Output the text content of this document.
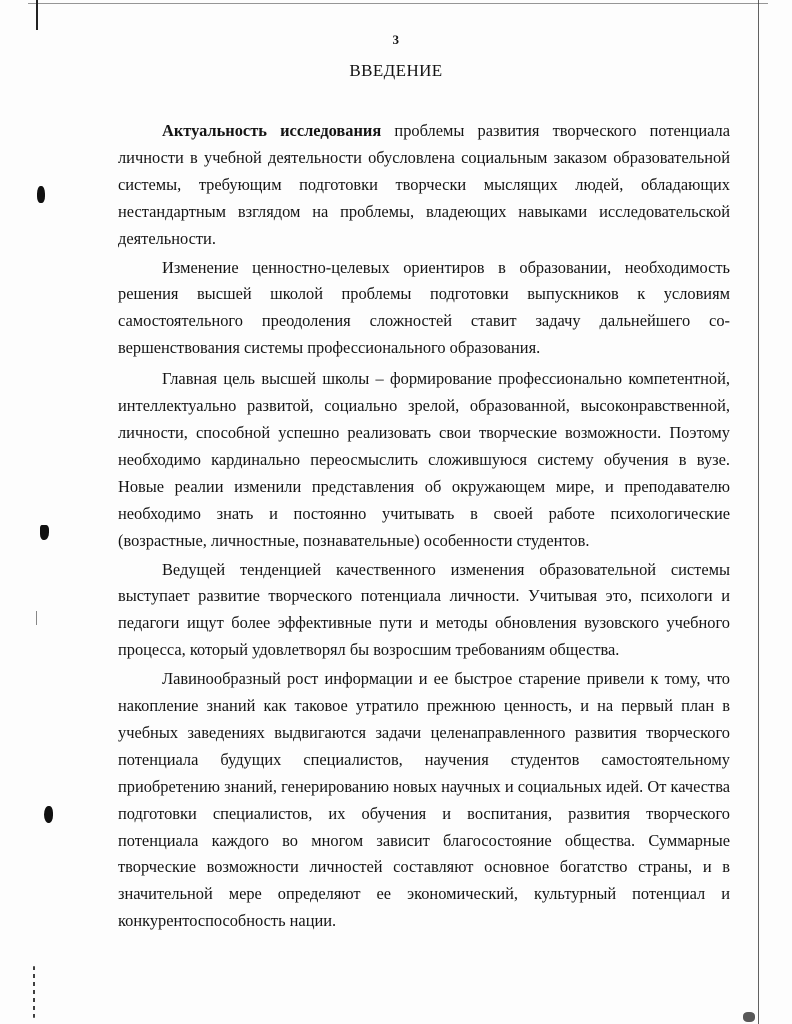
3
ВВЕДЕНИЕ

Актуальность исследования проблемы развития творческого потенциала личности в учебной деятельности обусловлена социальным заказом образовательной системы, требующим подготовки творчески мыслящих людей, обладающих нестандартным взглядом на проблемы, владеющих навыками исследовательской деятельности.

Изменение ценностно-целевых ориентиров в образовании, необходимость решения высшей школой проблемы подготовки выпускников к условиям самостоятельного преодоления сложностей ставит задачу дальнейшего совершенствования системы профессионального образования.

Главная цель высшей школы – формирование профессионально компетентной, интеллектуально развитой, социально зрелой, образованной, высоконравственной, личности, способной успешно реализовать свои творческие возможности. Поэтому необходимо кардинально переосмыслить сложившуюся систему обучения в вузе. Новые реалии изменили представления об окружающем мире, и преподавателю необходимо знать и постоянно учитывать в своей работе психологические (возрастные, личностные, познавательные) особенности студентов.

Ведущей тенденцией качественного изменения образовательной системы выступает развитие творческого потенциала личности. Учитывая это, психологи и педагоги ищут более эффективные пути и методы обновления вузовского учебного процесса, который удовлетворял бы возросшим требованиям общества.

Лавинообразный рост информации и ее быстрое старение привели к тому, что накопление знаний как таковое утратило прежнюю ценность, и на первый план в учебных заведениях выдвигаются задачи целенаправленного развития творческого потенциала будущих специалистов, научения студентов самостоятельному приобретению знаний, генерированию новых научных и социальных идей. От качества подготовки специалистов, их обучения и воспитания, развития творческого потенциала каждого во многом зависит благосостояние общества. Суммарные творческие возможности личностей составляют основное богатство страны, и в значительной мере определяют ее экономический, культурный потенциал и конкурентоспособность нации.
